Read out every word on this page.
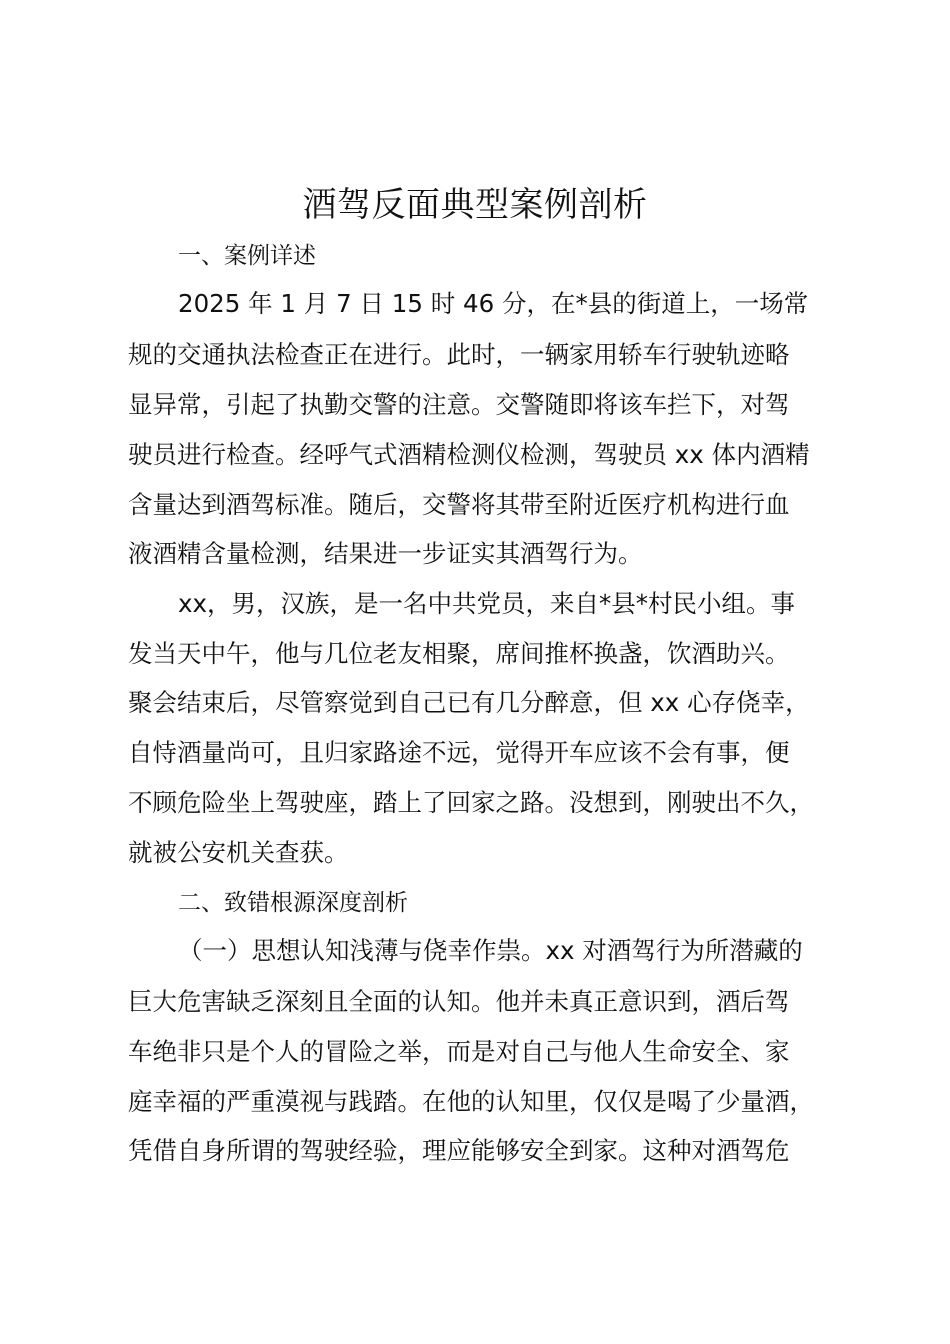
酒驾反面典型案例剖析
一、案例详述
2025 年 1 月 7 日 15 时 46 分，在*县的街道上，一场常
规的交通执法检查正在进行。此时，一辆家用轿车行驶轨迹略
显异常，引起了执勤交警的注意。交警随即将该车拦下，对驾
驶员进行检查。经呼气式酒精检测仪检测，驾驶员 xx 体内酒精
含量达到酒驾标准。随后，交警将其带至附近医疗机构进行血
液酒精含量检测，结果进一步证实其酒驾行为。
xx，男，汉族，是一名中共党员，来自*县*村民小组。事
发当天中午，他与几位老友相聚，席间推杯换盏，饮酒助兴。
聚会结束后，尽管察觉到自己已有几分醉意，但 xx 心存侥幸，
自恃酒量尚可，且归家路途不远，觉得开车应该不会有事，便
不顾危险坐上驾驶座，踏上了回家之路。没想到，刚驶出不久，
就被公安机关查获。
二、致错根源深度剖析
（一）思想认知浅薄与侥幸作祟。xx 对酒驾行为所潜藏的
巨大危害缺乏深刻且全面的认知。他并未真正意识到，酒后驾
车绝非只是个人的冒险之举，而是对自己与他人生命安全、家
庭幸福的严重漠视与践踏。在他的认知里，仅仅是喝了少量酒，
凭借自身所谓的驾驶经验，理应能够安全到家。这种对酒驾危
